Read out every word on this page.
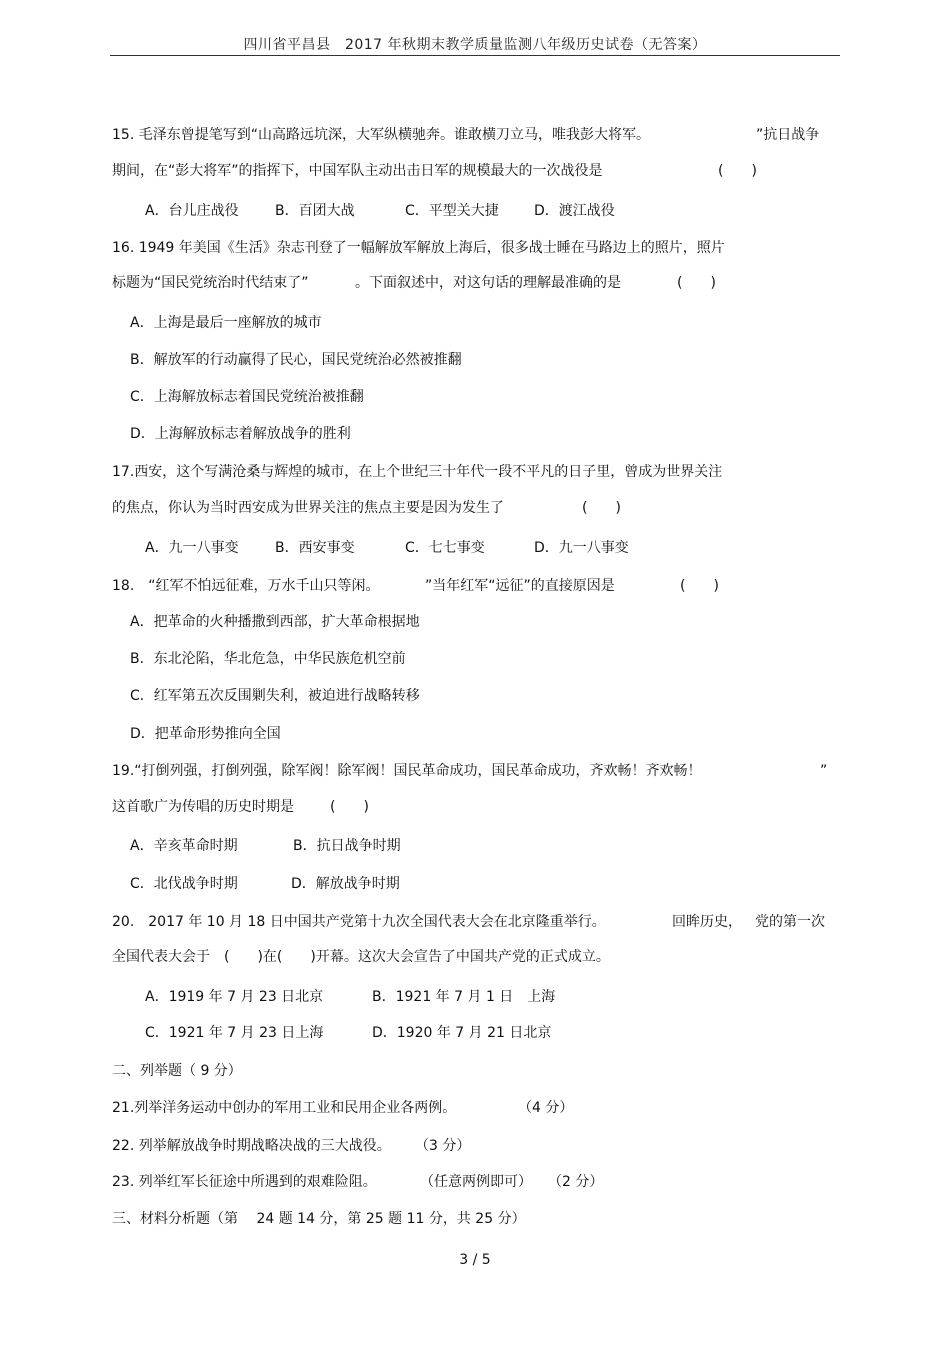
四川省平昌县　2017 年秋期末教学质量监测八年级历史试卷（无答案）
15. 毛泽东曾提笔写到“山高路远坑深，大军纵横驰奔。谁敢横刀立马，唯我彭大将军。	”抗日战争
期间，在“彭大将军”的指挥下，中国军队主动出击日军的规模最大的一次战役是	(　　)
A．台儿庄战役	B．百团大战	C．平型关大捷	D．渡江战役
16. 1949 年美国《生活》杂志刊登了一幅解放军解放上海后，很多战士睡在马路边上的照片，照片
标题为“国民党统治时代结束了”	。下面叙述中，对这句话的理解最准确的是	(　　)
A．上海是最后一座解放的城市
B．解放军的行动赢得了民心，国民党统治必然被推翻
C．上海解放标志着国民党统治被推翻
D．上海解放标志着解放战争的胜利
17.西安，这个写满沧桑与辉煌的城市，在上个世纪三十年代一段不平凡的日子里，曾成为世界关注
的焦点，你认为当时西安成为世界关注的焦点主要是因为发生了	(　　)
A．九一八事变	B．西安事变	C．七七事变	D．九一八事变
18.　“红军不怕远征难，万水千山只等闲。	”当年红军“远征”的直接原因是	(　　)
A．把革命的火种播撒到西部，扩大革命根据地
B．东北沦陷，华北危急，中华民族危机空前
C．红军第五次反围剿失利，被迫进行战略转移
D．把革命形势推向全国
19.“打倒列强，打倒列强，除军阀！除军阀！国民革命成功，国民革命成功，齐欢畅！齐欢畅！	”
这首歌广为传唱的历史时期是	(　　)
A．辛亥革命时期	B．抗日战争时期
C．北伐战争时期	D．解放战争时期
20.　2017 年 10 月 18 日中国共产党第十九次全国代表大会在北京隆重举行。	回眸历史， 党的第一次
全国代表大会于　(　　)在(　　)开幕。这次大会宣告了中国共产党的正式成立。
A．1919 年 7 月 23 日北京	B．1921 年 7 月 1 日　上海
C．1921 年 7 月 23 日上海	D．1920 年 7 月 21 日北京
二、列举题（ 9 分）
21.列举洋务运动中创办的军用工业和民用企业各两例。	（4 分）
22. 列举解放战争时期战略决战的三大战役。 （3 分）
23. 列举红军长征途中所遇到的艰难险阻。	（任意两例即可） （2 分）
三、材料分析题（第　 24 题 14 分，第 25 题 11 分，共 25 分）
3 / 5
